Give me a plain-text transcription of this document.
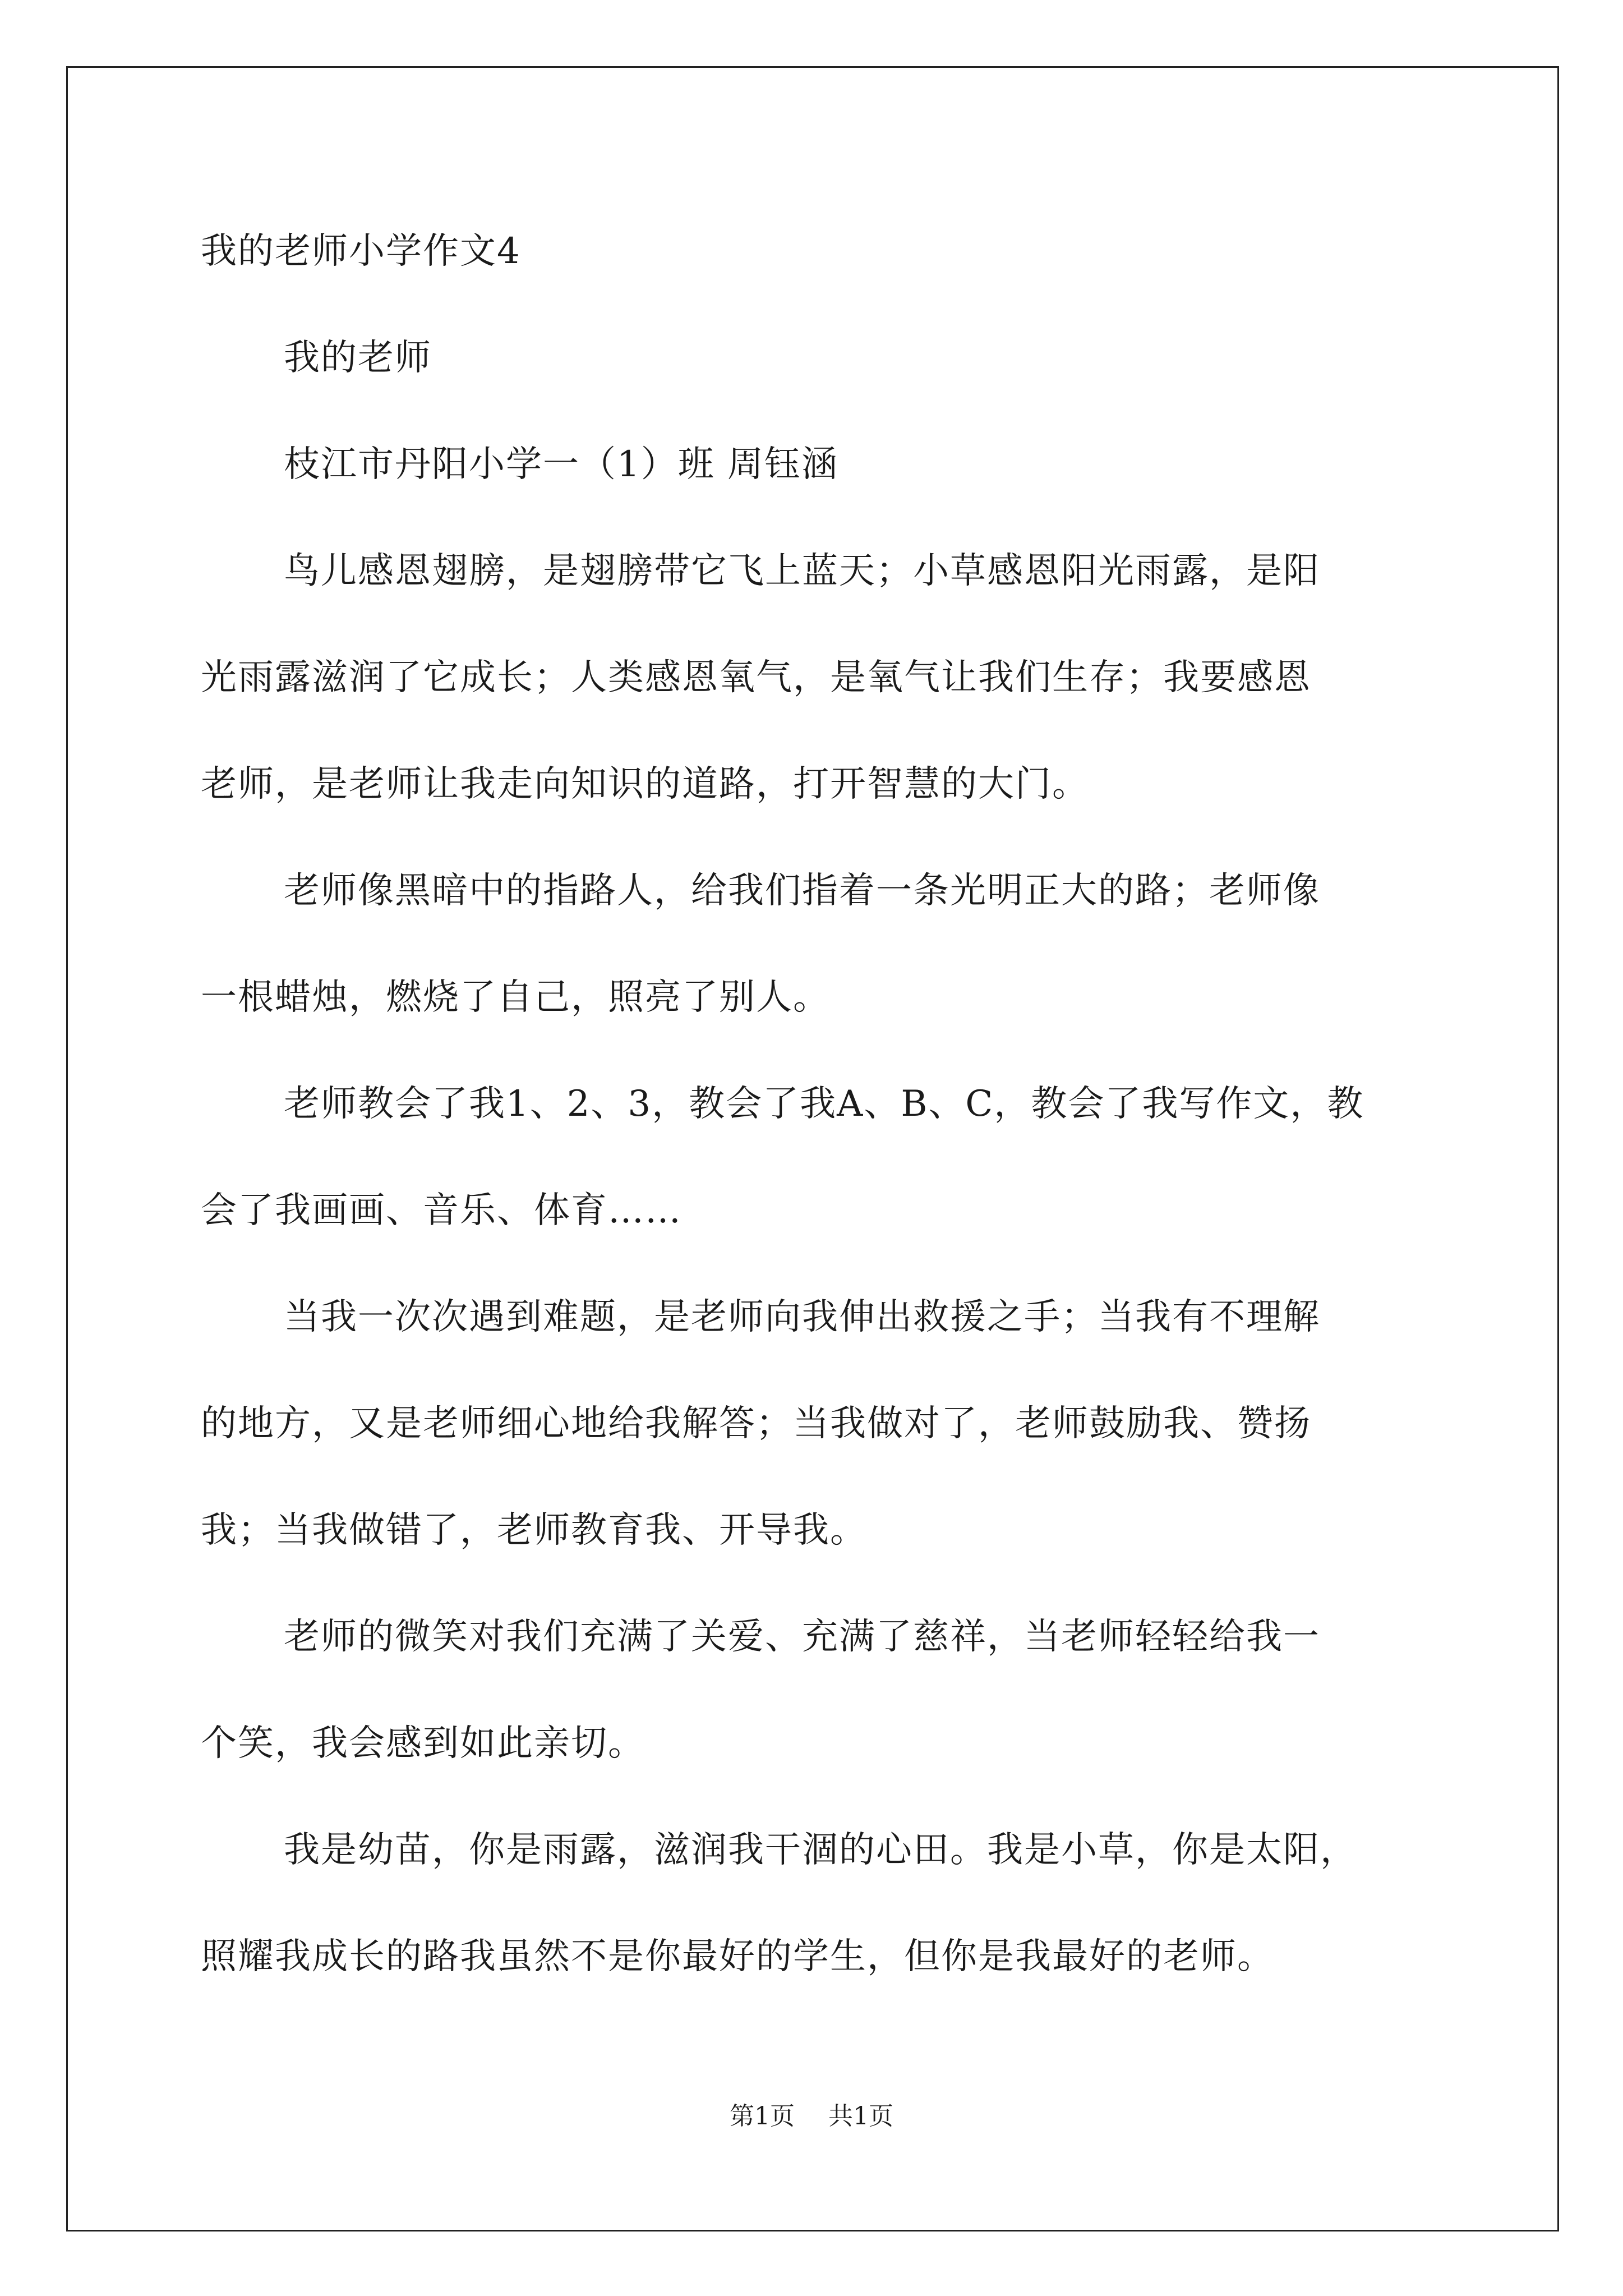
我的老师小学作文4
我的老师
枝江市丹阳小学一（1）班 周钰涵
鸟儿感恩翅膀，是翅膀带它飞上蓝天；小草感恩阳光雨露，是阳
光雨露滋润了它成长；人类感恩氧气，是氧气让我们生存；我要感恩
老师，是老师让我走向知识的道路，打开智慧的大门。
老师像黑暗中的指路人，给我们指着一条光明正大的路；老师像
一根蜡烛，燃烧了自己，照亮了别人。
老师教会了我1、2、3，教会了我A、B、C，教会了我写作文，教
会了我画画、音乐、体育……
当我一次次遇到难题，是老师向我伸出救援之手；当我有不理解
的地方，又是老师细心地给我解答；当我做对了，老师鼓励我、赞扬
我；当我做错了，老师教育我、开导我。
老师的微笑对我们充满了关爱、充满了慈祥，当老师轻轻给我一
个笑，我会感到如此亲切。
我是幼苗，你是雨露，滋润我干涸的心田。我是小草，你是太阳，
照耀我成长的路我虽然不是你最好的学生，但你是我最好的老师。
第1页 共1页
